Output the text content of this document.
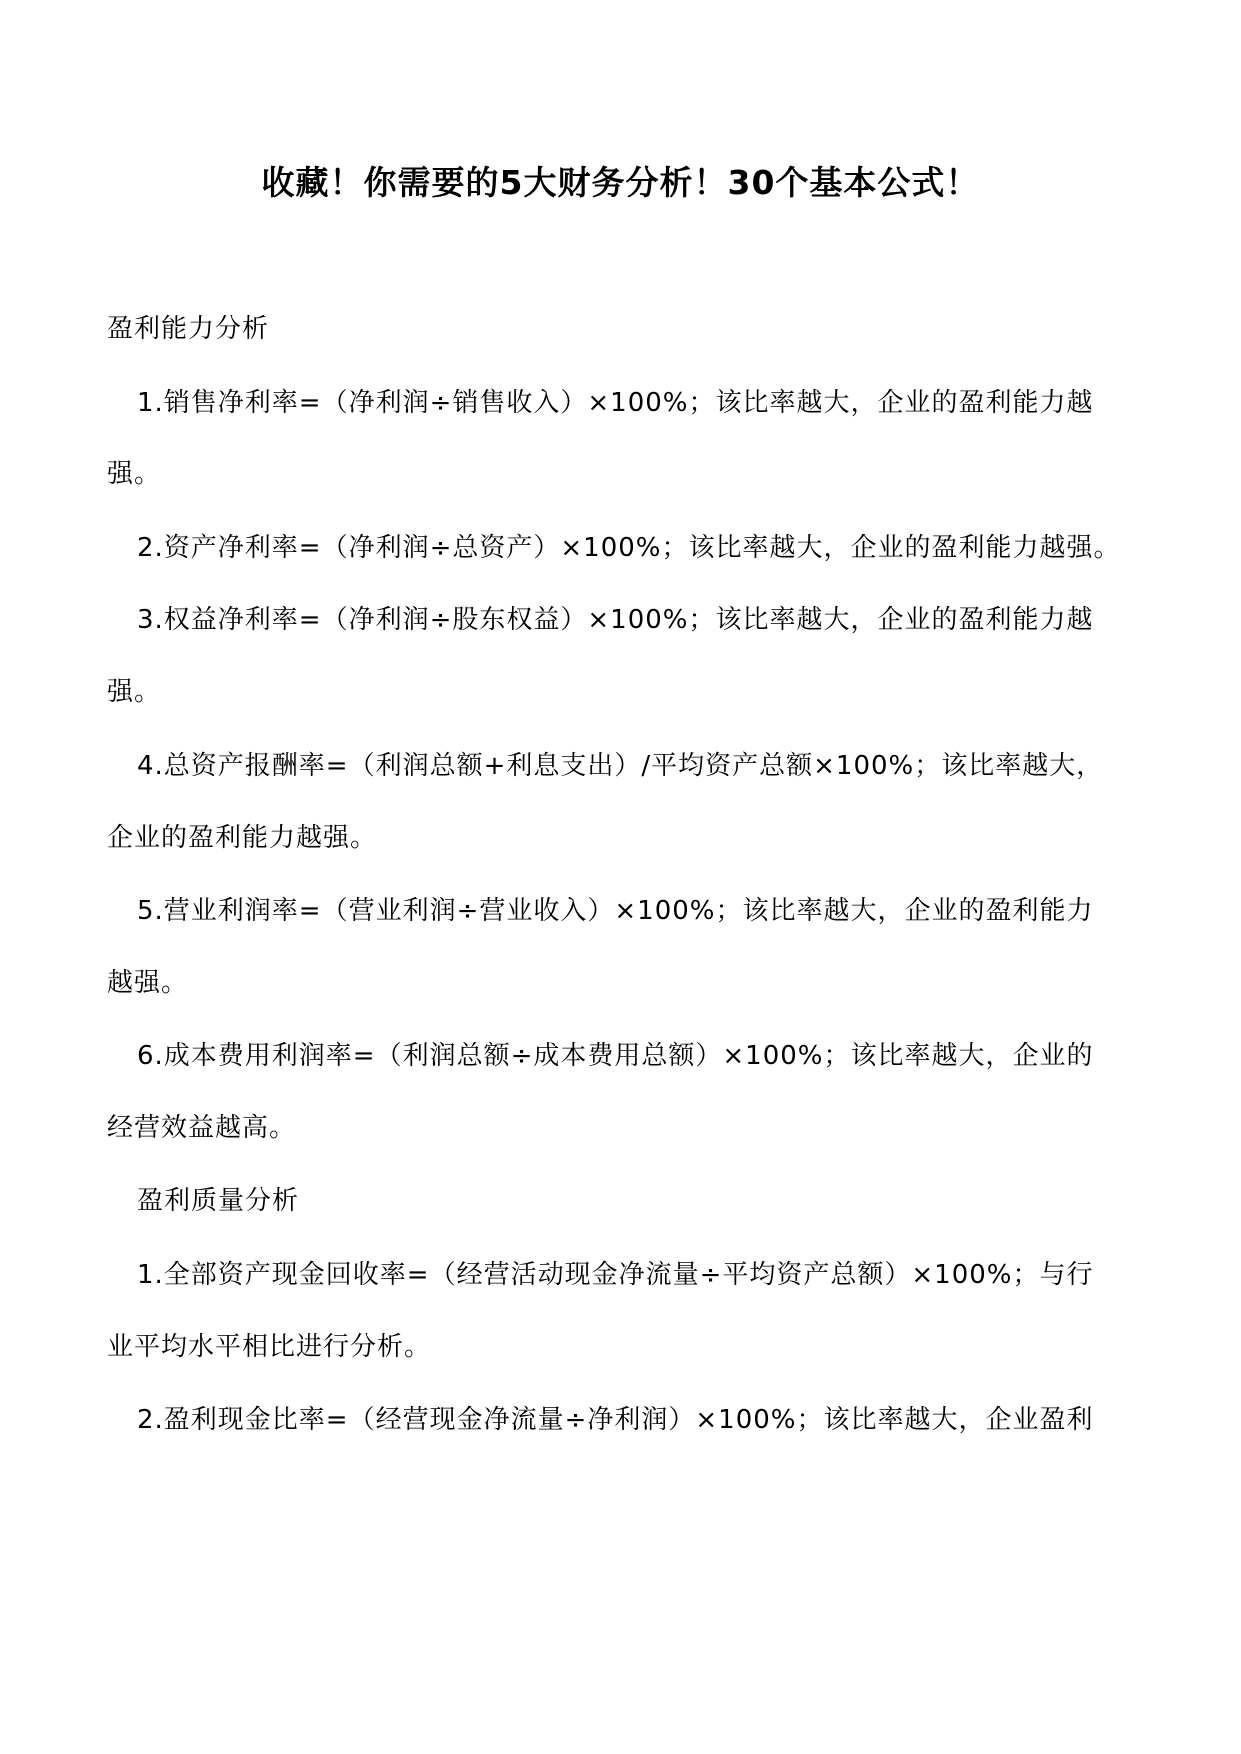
收藏！你需要的5大财务分析！30个基本公式！
盈利能力分析
1.销售净利率=（净利润÷销售收入）×100%；该比率越大，企业的盈利能力越
强。
2.资产净利率=（净利润÷总资产）×100%；该比率越大，企业的盈利能力越强。
3.权益净利率=（净利润÷股东权益）×100%；该比率越大，企业的盈利能力越
强。
4.总资产报酬率=（利润总额+利息支出）/平均资产总额×100%；该比率越大，
企业的盈利能力越强。
5.营业利润率=（营业利润÷营业收入）×100%；该比率越大，企业的盈利能力
越强。
6.成本费用利润率=（利润总额÷成本费用总额）×100%；该比率越大，企业的
经营效益越高。
盈利质量分析
1.全部资产现金回收率=（经营活动现金净流量÷平均资产总额）×100%；与行
业平均水平相比进行分析。
2.盈利现金比率=（经营现金净流量÷净利润）×100%；该比率越大，企业盈利
